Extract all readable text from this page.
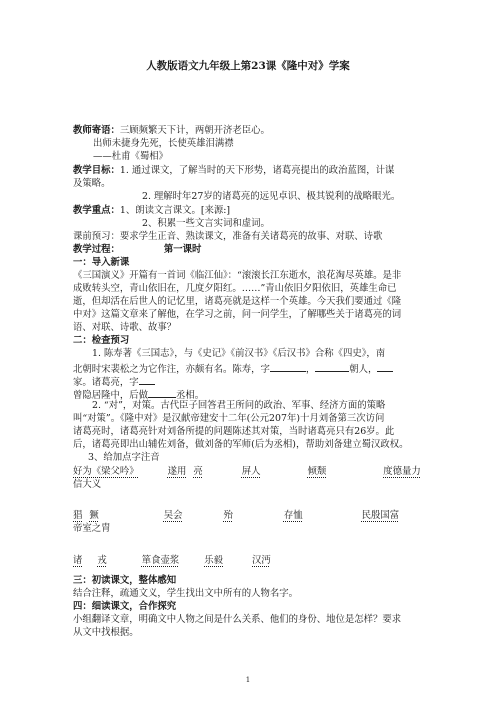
人教版语文九年级上第23课《隆中对》学案
教师寄语：三顾频繁天下计，两朝开济老臣心。
出师未捷身先死，长使英雄泪满襟
——杜甫《蜀相》
教学目标：1. 通过课文，了解当时的天下形势，诸葛亮提出的政治蓝图，计谋
及策略。
2. 理解时年27岁的诸葛亮的远见卓识、极其锐利的战略眼光。
教学重点：1、朗读文言课文。[来源:]
2、积累一些文言实词和虚词。
课前预习：要求学生正音、熟读课文，准备有关诸葛亮的故事、对联、诗歌
教学过程：	第一课时
一：导入新课
《三国演义》开篇有一首词《临江仙》：“滚滚长江东逝水，浪花淘尽英雄。是非
成败转头空，青山依旧在，几度夕阳红。……”青山依旧夕阳依旧，英雄生命已
逝，但却活在后世人的记忆里，诸葛亮就是这样一个英雄。今天我们要通过《隆
中对》这篇文章来了解他，在学习之前，问一问学生，了解哪些关于诸葛亮的词
语、对联、诗歌、故事？
二：检查预习
1. 陈寿著《三国志》，与《史记》《前汉书》《后汉书》合称《四史》，南
北朝时宋裴松之为它作注，亦颇有名。陈寿，字	，	朝人，
家。诸葛亮，字
曾隐居隆中，后做	丞相。
2. “对”，对策。古代臣子回答君王所问的政治、军事、经济方面的策略
叫“对策”。《隆中对》是汉献帝建安十二年(公元207年)十月刘备第三次访问
诸葛亮时，诸葛亮针对刘备所提的问题陈述其对策，当时诸葛亮只有26岁。此
后，诸葛亮即出山辅佐刘备，做刘备的军师(后为丞相)，帮助刘备建立蜀汉政权。
3、给加点字注音
好为《梁父吟》	遂用 亮	屏人	倾颓	度德量力
信大义
猖 獗	吴会	殆	存恤	民殷国富
帝室之胄
诸 戎	箪食壶浆	乐毅	汉沔
三：初读课文，整体感知
结合注释，疏通文义，学生找出文中所有的人物名字。
四：细读课文，合作探究
小组翻译文章，明确文中人物之间是什么关系、他们的身份、地位是怎样？要求
从文中找根据。
1
